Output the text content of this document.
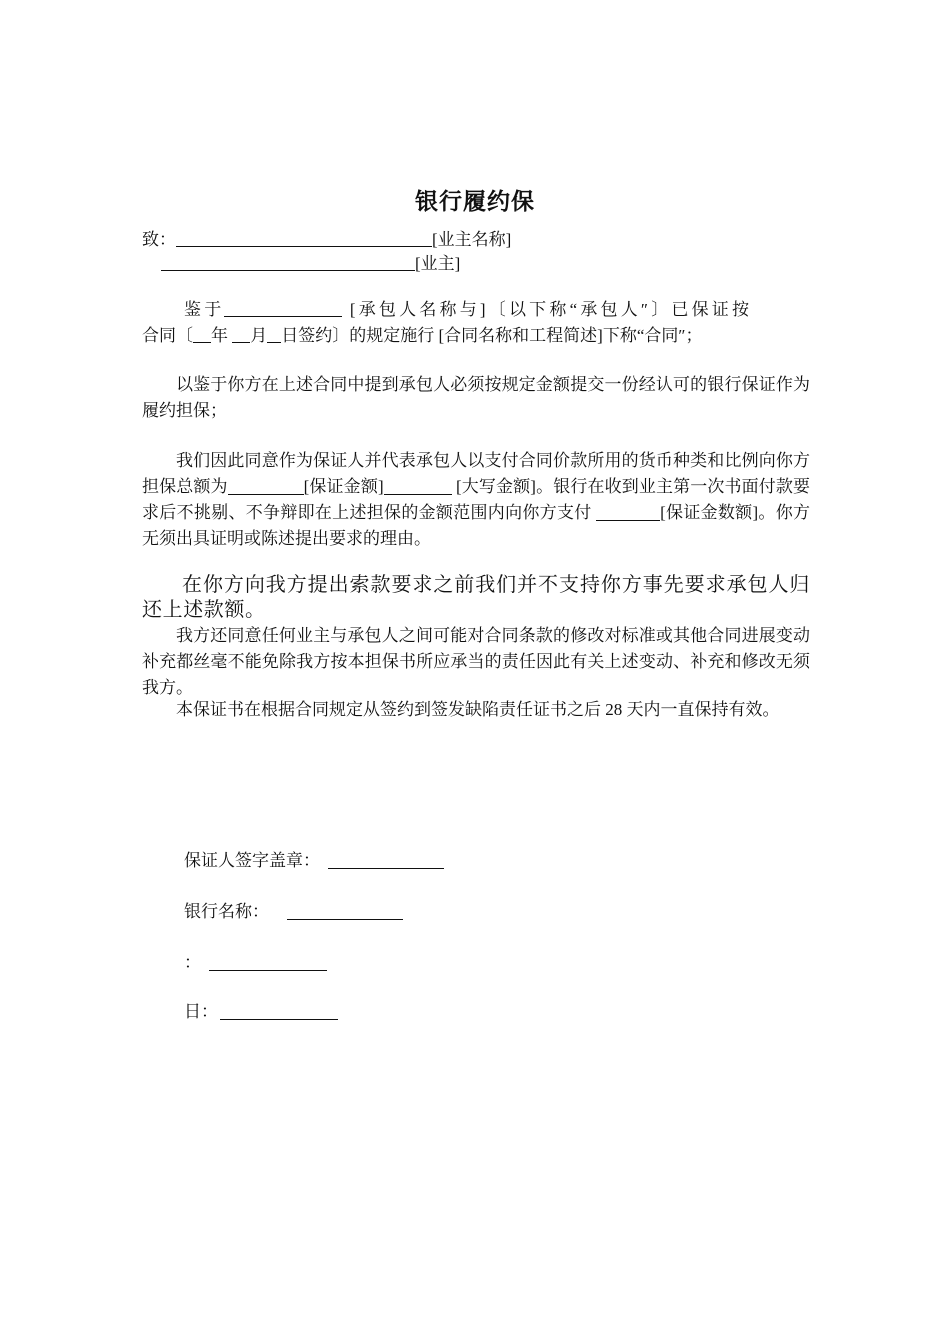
银行履约保
致：	[业主名称]
[业主]
鉴于	[承包人名称与]〔以下称“承包人″〕已保证按
合同〔 年 月 日签约〕的规定施行 [合同名称和工程简述]下称“合同″；
以鉴于你方在上述合同中提到承包人必须按规定金额提交一份经认可的银行保证作为履约担保；
我们因此同意作为保证人并代表承包人以支付合同价款所用的货币种类和比例向你方担保总额为	[保证金额]	[大写金额]。银行在收到业主第一次书面付款要求后不挑剔、不争辩即在上述担保的金额范围内向你方支付	[保证金数额]。你方无须出具证明或陈述提出要求的理由。
在你方向我方提出索款要求之前我们并不支持你方事先要求承包人归还上述款额。
我方还同意任何业主与承包人之间可能对合同条款的修改对标准或其他合同进展变动补充都丝毫不能免除我方按本担保书所应承当的责任因此有关上述变动、补充和修改无须我方。
本保证书在根据合同规定从签约到签发缺陷责任证书之后 28 天内一直保持有效。
保证人签字盖章：
银行名称：
：
日：
